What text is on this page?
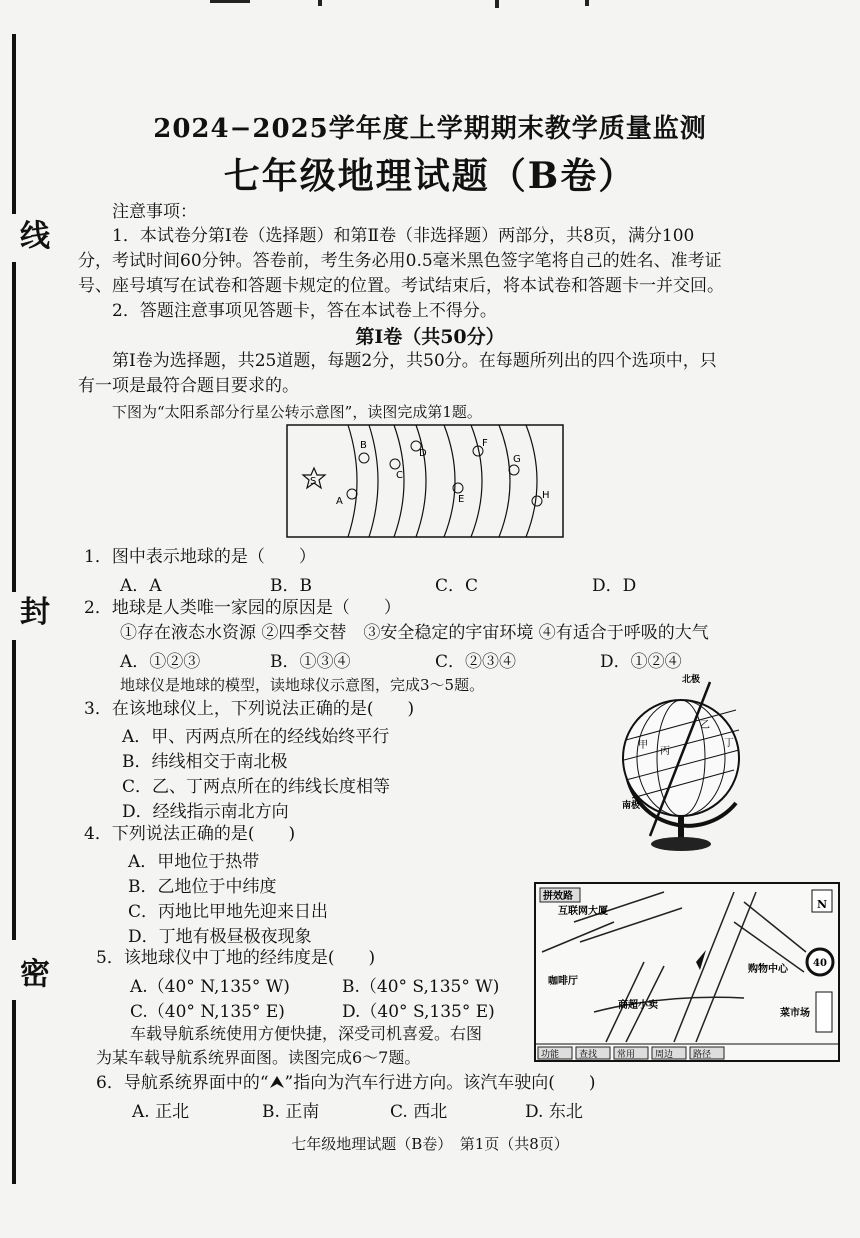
线
封
密
2024−2025学年度上学期期末教学质量监测
七年级地理试题（B卷）
注意事项：
1．本试卷分第Ⅰ卷（选择题）和第Ⅱ卷（非选择题）两部分，共8页，满分100
分，考试时间60分钟。答卷前，考生务必用0.5毫米黑色签字笔将自己的姓名、准考证
号、座号填写在试卷和答题卡规定的位置。考试结束后，将本试卷和答题卡一并交回。
2．答题注意事项见答题卡，答在本试卷上不得分。
第Ⅰ卷（共50分）
第Ⅰ卷为选择题，共25道题，每题2分，共50分。在每题所列出的四个选项中，只
有一项是最符合题目要求的。
下图为“太阳系部分行星公转示意图”，读图完成第1题。
S
A
B
C
D
E
F
G
H
1．图中表示地球的是（　　）
A．A	B．B	C．C	D．D
2．地球是人类唯一家园的原因是（　　）
①存在液态水资源 ②四季交替　③安全稳定的宇宙环境 ④有适合于呼吸的大气
A．①②③	B．①③④	C．②③④	D．①②④
地球仪是地球的模型，读地球仪示意图，完成3～5题。
3．在该地球仪上，下列说法正确的是(　　)
A．甲、丙两点所在的经线始终平行
B．纬线相交于南北极
C．乙、丁两点所在的纬线长度相等
D．经线指示南北方向
北极
南极
甲
乙
丙
丁
4．下列说法正确的是(　　)
A．甲地位于热带
B．乙地位于中纬度
C．丙地比甲地先迎来日出
D．丁地有极昼极夜现象
5．该地球仪中丁地的经纬度是(　　)
A.（40° N,135° W)	B.（40° S,135° W)
C.（40° N,135° E)	D.（40° S,135° E)
车载导航系统使用方便快捷，深受司机喜爱。右图
为某车载导航系统界面图。读图完成6～7题。
拼效路
互联网大厦
咖啡厅
购物中心
商超小卖
菜市场
N
40
功能 查找 常用 周边 路径
6．导航系统界面中的“ ”指向为汽车行进方向。该汽车驶向(　　)
A. 正北	B. 正南	C. 西北	D. 东北
七年级地理试题（B卷）　第1页（共8页）
